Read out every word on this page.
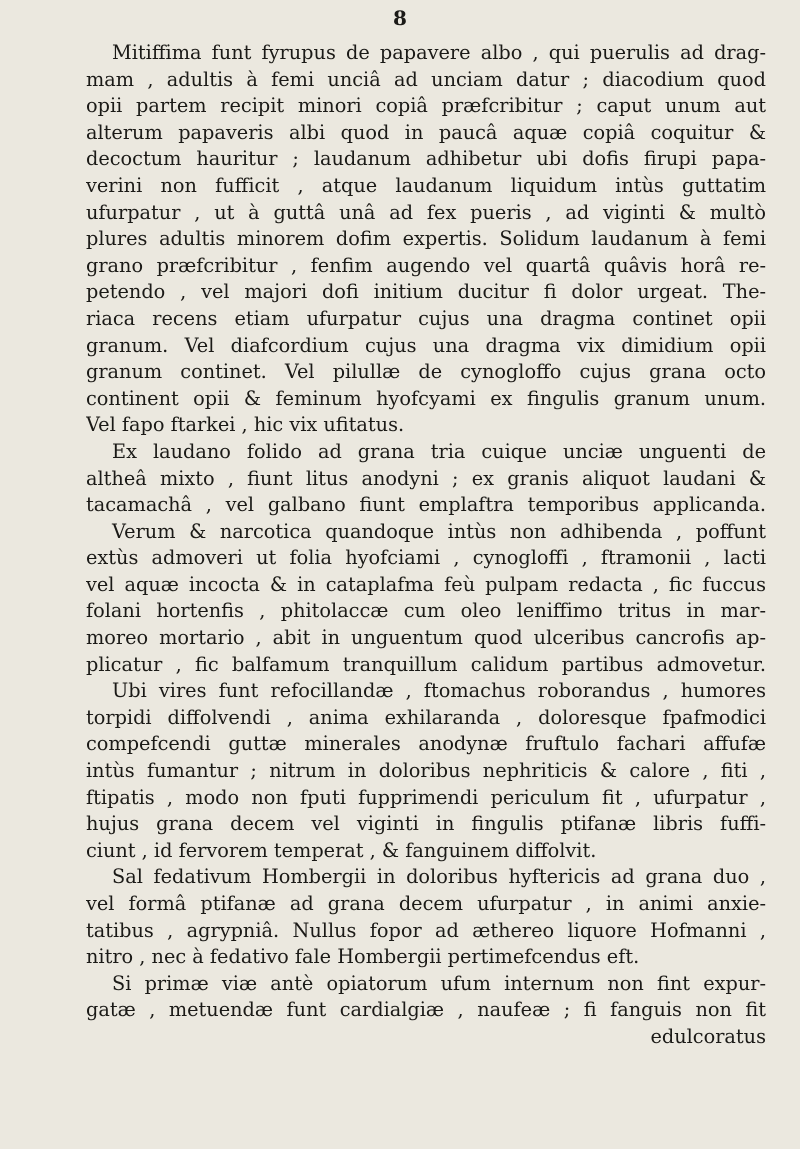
8
Mitiffima funt fyrupus de papavere albo , qui puerulis ad drag-
mam , adultis à femi unciâ ad unciam datur ; diacodium quod
opii partem recipit minori copiâ præfcribitur ; caput unum aut
alterum papaveris albi quod in paucâ aquæ copiâ coquitur &
decoctum hauritur ; laudanum adhibetur ubi dofis firupi papa-
verini non fufficit , atque laudanum liquidum intùs guttatim
ufurpatur , ut à guttâ unâ ad fex pueris , ad viginti & multò
plures adultis minorem dofim expertis. Solidum laudanum à femi
grano præfcribitur , fenfim augendo vel quartâ quâvis horâ re-
petendo , vel majori dofi initium ducitur fi dolor urgeat. The-
riaca recens etiam ufurpatur cujus una dragma continet opii
granum. Vel diafcordium cujus una dragma vix dimidium opii
granum continet. Vel pilullæ de cynogloffo cujus grana octo
continent opii & feminum hyofcyami ex fingulis granum unum.
Vel fapo ftarkei , hic vix ufitatus.
Ex laudano folido ad grana tria cuique unciæ unguenti de
altheâ mixto , fiunt litus anodyni ; ex granis aliquot laudani &
tacamachâ , vel galbano fiunt emplaftra temporibus applicanda.
Verum & narcotica quandoque intùs non adhibenda , poffunt
extùs admoveri ut folia hyofciami , cynogloffi , ftramonii , lacti
vel aquæ incocta & in cataplafma feù pulpam redacta , fic fuccus
folani hortenfis , phitolaccæ cum oleo leniffimo tritus in mar-
moreo mortario , abit in unguentum quod ulceribus cancrofis ap-
plicatur , fic balfamum tranquillum calidum partibus admovetur.
Ubi vires funt refocillandæ , ftomachus roborandus , humores
torpidi diffolvendi , anima exhilaranda , doloresque fpafmodici
compefcendi guttæ minerales anodynæ fruftulo fachari affufæ
intùs fumantur ; nitrum in doloribus nephriticis & calore , fiti ,
ftipatis , modo non fputi fupprimendi periculum fit , ufurpatur ,
hujus grana decem vel viginti in fingulis ptifanæ libris fuffi-
ciunt , id fervorem temperat , & fanguinem diffolvit.
Sal fedativum Hombergii in doloribus hyftericis ad grana duo ,
vel formâ ptifanæ ad grana decem ufurpatur , in animi anxie-
tatibus , agrypniâ. Nullus fopor ad æthereo liquore Hofmanni ,
nitro , nec à fedativo fale Hombergii pertimefcendus eft.
Si primæ viæ antè opiatorum ufum internum non fint expur-
gatæ , metuendæ funt cardialgiæ , naufeæ ; fi fanguis non fit
edulcoratus
